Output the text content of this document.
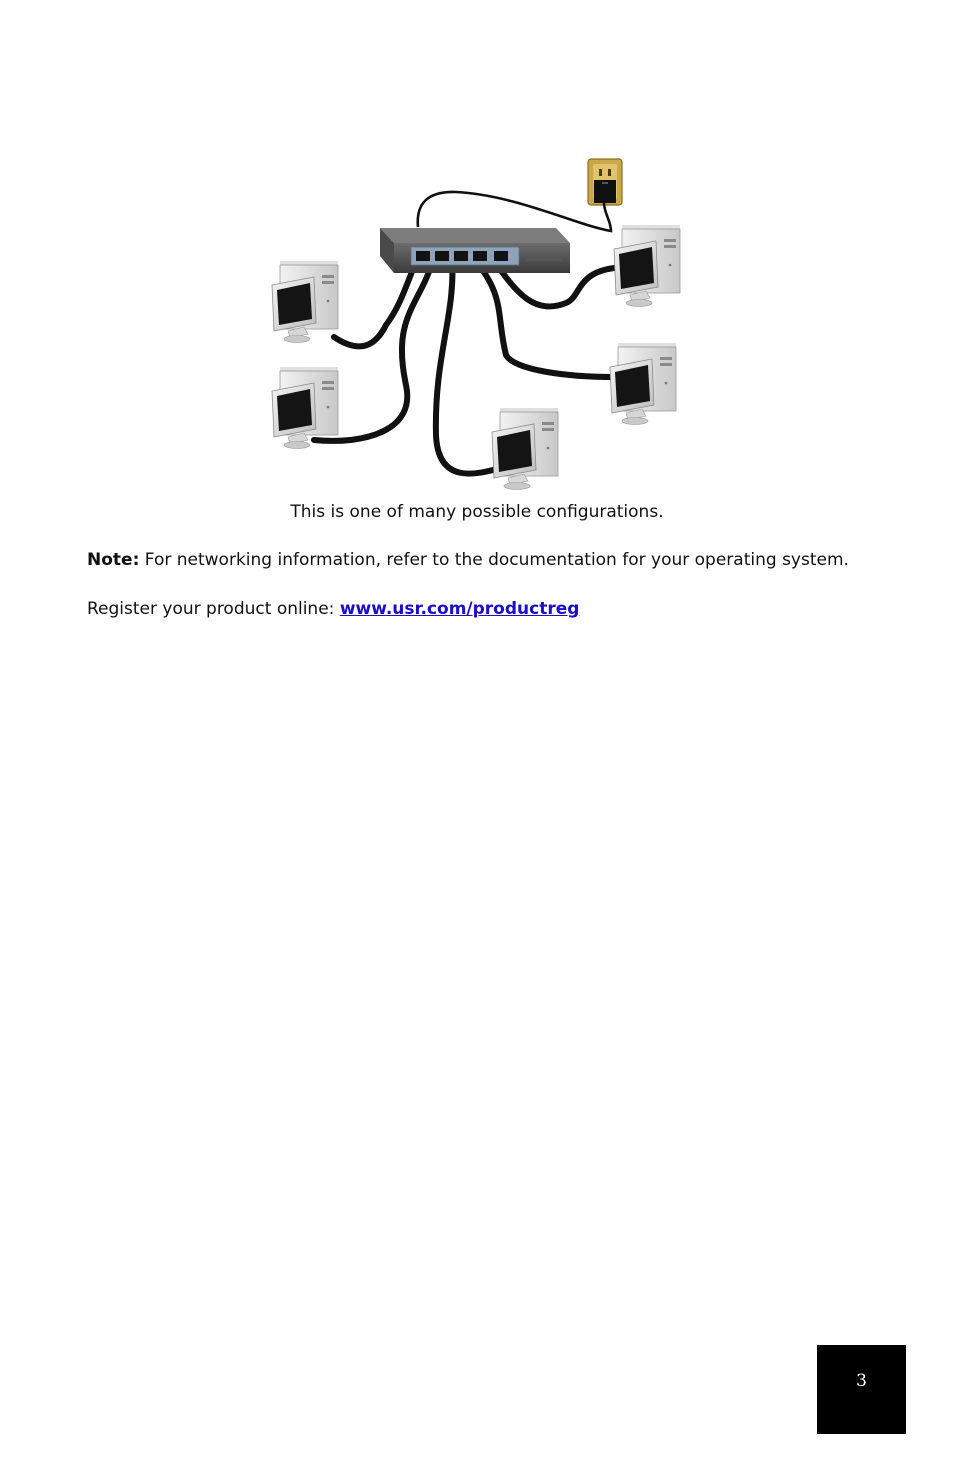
This is one of many possible configurations.
Note: For networking information, refer to the documentation for your operating system.
Register your product online: www.usr.com/productreg
3
